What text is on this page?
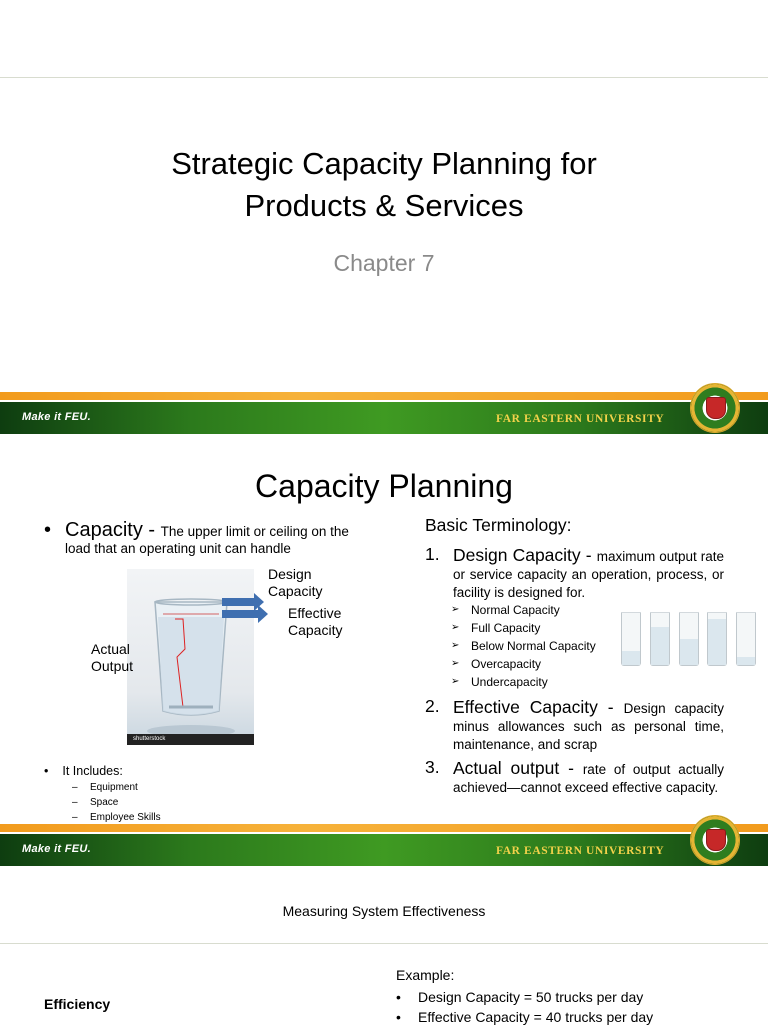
Strategic Capacity Planning for
Products & Services
Chapter 7
Make it FEU.	FAR EASTERN UNIVERSITY
Capacity Planning
• Capacity - The upper limit or ceiling on the load that an operating unit can handle
shutterstock
Design
Capacity
Effective
Capacity
Actual
Output
• It Includes:
– Equipment
– Space
– Employee Skills
Basic Terminology:
1. Design Capacity - maximum output rate or service capacity an operation, process, or facility is designed for.
➢ Normal Capacity
➢ Full Capacity
➢ Below Normal Capacity
➢ Overcapacity
➢ Undercapacity
2. Effective Capacity - Design capacity minus allowances such as personal time, maintenance, and scrap
3. Actual output - rate of output actually achieved—cannot exceed effective capacity.
Make it FEU.	FAR EASTERN UNIVERSITY
Measuring System Effectiveness
Efficiency
Example:
• Design Capacity = 50 trucks per day
• Effective Capacity = 40 trucks per day
